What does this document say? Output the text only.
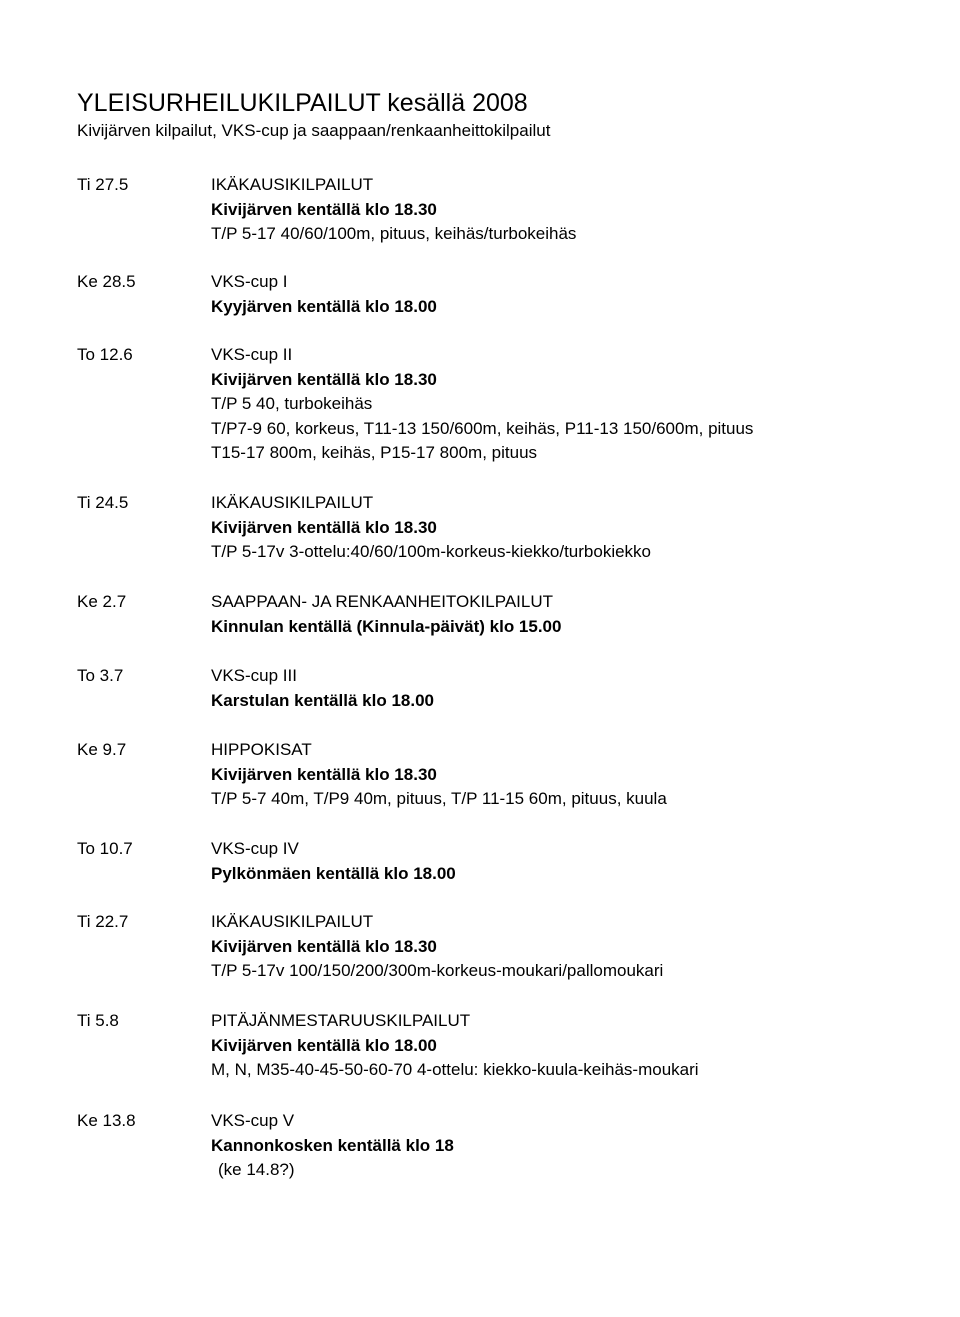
YLEISURHEILUKILPAILUT kesällä 2008
Kivijärven kilpailut, VKS-cup ja saappaan/renkaanheittokilpailut
Ti 27.5	IKÄKAUSIKILPAILUT
Kivijärven kentällä klo 18.30
T/P 5-17 40/60/100m, pituus, keihäs/turbokeihäs
Ke 28.5	VKS-cup I
Kyyjärven kentällä klo 18.00
To 12.6	VKS-cup II
Kivijärven kentällä klo 18.30
T/P 5 40, turbokeihäs
T/P7-9 60, korkeus, T11-13 150/600m, keihäs, P11-13 150/600m, pituus
T15-17 800m, keihäs, P15-17 800m, pituus
Ti 24.5	IKÄKAUSIKILPAILUT
Kivijärven kentällä klo 18.30
T/P 5-17v 3-ottelu:40/60/100m-korkeus-kiekko/turbokiekko
Ke 2.7	SAAPPAAN- JA RENKAANHEITOKILPAILUT
Kinnulan kentällä (Kinnula-päivät) klo 15.00
To 3.7	VKS-cup III
Karstulan kentällä klo 18.00
Ke 9.7	HIPPOKISAT
Kivijärven kentällä klo 18.30
T/P 5-7 40m, T/P9 40m, pituus, T/P 11-15 60m, pituus, kuula
To 10.7	VKS-cup IV
Pylkönmäen kentällä klo 18.00
Ti 22.7	IKÄKAUSIKILPAILUT
Kivijärven kentällä klo 18.30
T/P 5-17v 100/150/200/300m-korkeus-moukari/pallomoukari
Ti 5.8	PITÄJÄNMESTARUUSKILPAILUT
Kivijärven kentällä klo 18.00
M, N, M35-40-45-50-60-70 4-ottelu: kiekko-kuula-keihäs-moukari
Ke 13.8	VKS-cup V
Kannonkosken kentällä klo 18
(ke 14.8?)
